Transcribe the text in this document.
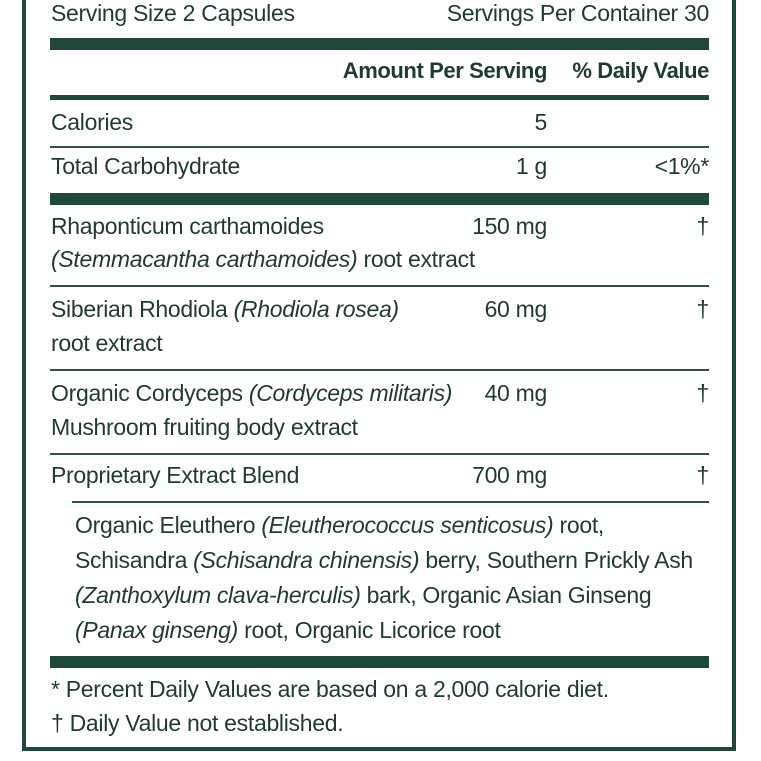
Serving Size 2 Capsules	Servings Per Container 30
Amount Per Serving % Daily Value
Calories	5
Total Carbohydrate	1 g	<1%*
Rhaponticum carthamoides
(Stemmacantha carthamoides) root extract
150 mg	†
Siberian Rhodiola (Rhodiola rosea)
root extract
60 mg	†
Organic Cordyceps (Cordyceps militaris)
Mushroom fruiting body extract
40 mg	†
Proprietary Extract Blend	700 mg	†
Organic Eleuthero (Eleutherococcus senticosus) root,
Schisandra (Schisandra chinensis) berry, Southern Prickly Ash
(Zanthoxylum clava-herculis) bark, Organic Asian Ginseng
(Panax ginseng) root, Organic Licorice root
* Percent Daily Values are based on a 2,000 calorie diet.
† Daily Value not established.
